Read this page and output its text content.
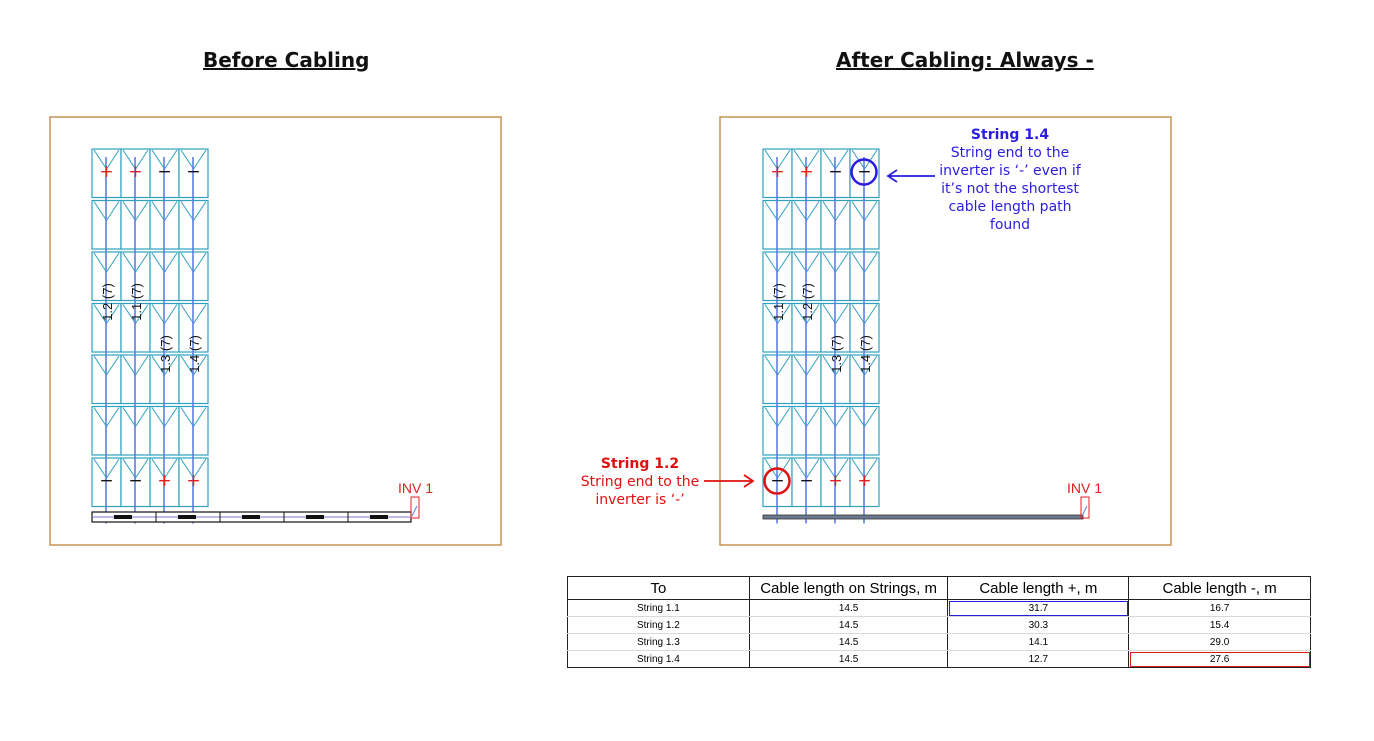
Before Cabling	After Cabling: Always -
+
−
+
−
−
+
−
+
1.2 (7) 1.1 (7)
1.3 (7) 1.4 (7)
INV 1
+
−
+
−
−
+
−
+
1.1 (7) 1.2 (7)
1.3 (7) 1.4 (7)
INV 1
String 1.4
String end to the
inverter is ‘-’ even if
it’s not the shortest
cable length path
found
String 1.2
String end to the
inverter is ‘-’
To	Cable length on Strings, m	Cable length +, m	Cable length -, m
String 1.1	14.5	31.7	16.7
String 1.2	14.5	30.3	15.4
String 1.3	14.5	14.1	29.0
String 1.4	14.5	12.7	27.6
